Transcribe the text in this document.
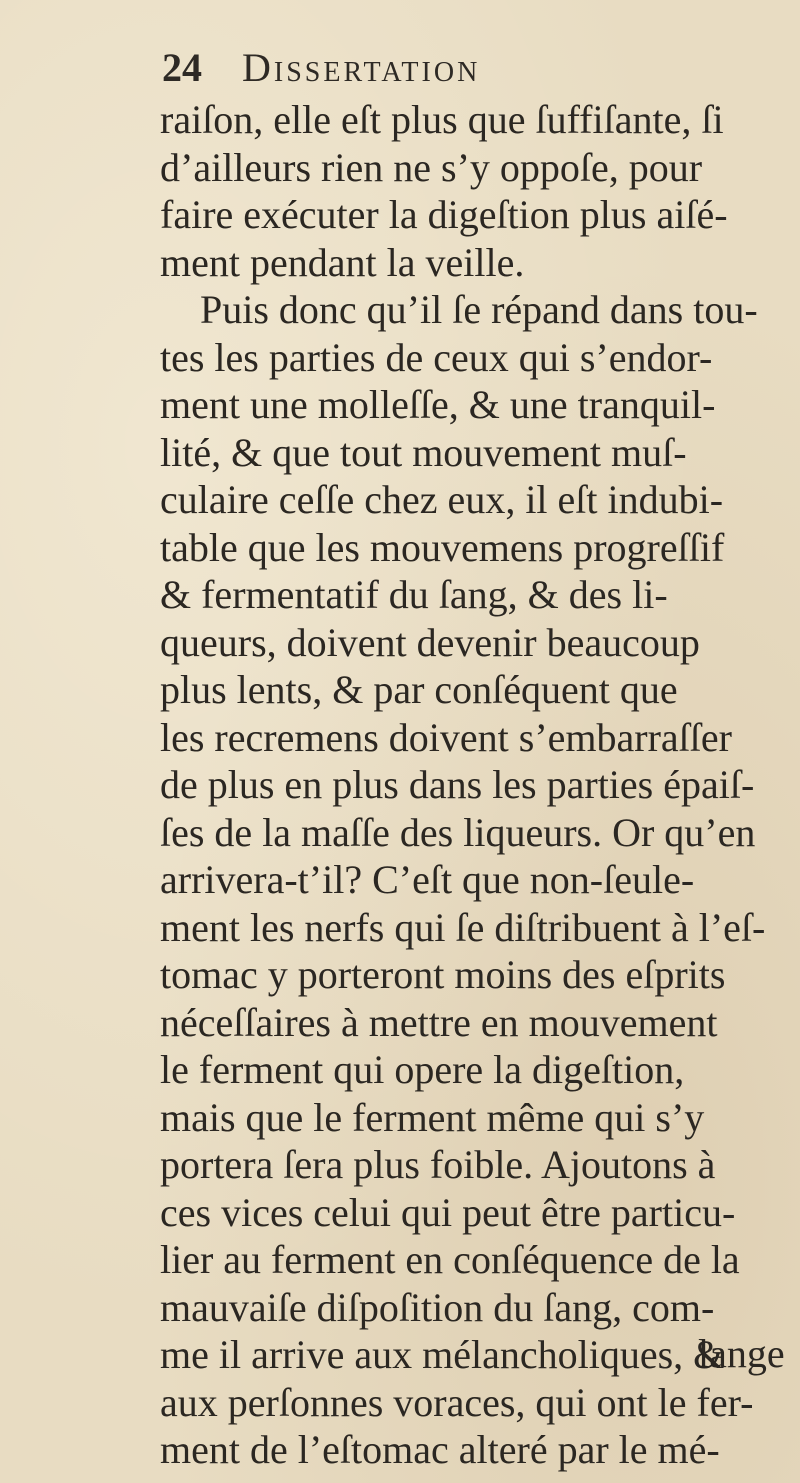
24	Dissertation
raiſon, elle eſt plus que ſuffiſante, ſi
d’ailleurs rien ne s’y oppoſe, pour
faire exécuter la digeſtion plus aiſé-
ment pendant la veille.
Puis donc qu’il ſe répand dans tou-
tes les parties de ceux qui s’endor-
ment une molleſſe, & une tranquil-
lité, & que tout mouvement muſ-
culaire ceſſe chez eux, il eſt indubi-
table que les mouvemens progreſſif
& fermentatif du ſang, & des li-
queurs, doivent devenir beaucoup
plus lents, & par conſéquent que
les recremens doivent s’embarraſſer
de plus en plus dans les parties épaiſ-
ſes de la maſſe des liqueurs. Or qu’en
arrivera-t’il? C’eſt que non-ſeule-
ment les nerfs qui ſe diſtribuent à l’eſ-
tomac y porteront moins des eſprits
néceſſaires à mettre en mouvement
le ferment qui opere la digeſtion,
mais que le ferment même qui s’y
portera ſera plus foible. Ajoutons à
ces vices celui qui peut être particu-
lier au ferment en conſéquence de la
mauvaiſe diſpoſition du ſang, com-
me il arrive aux mélancholiques, &
aux perſonnes voraces, qui ont le fer-
ment de l’eſtomac alteré par le mé-
lange
